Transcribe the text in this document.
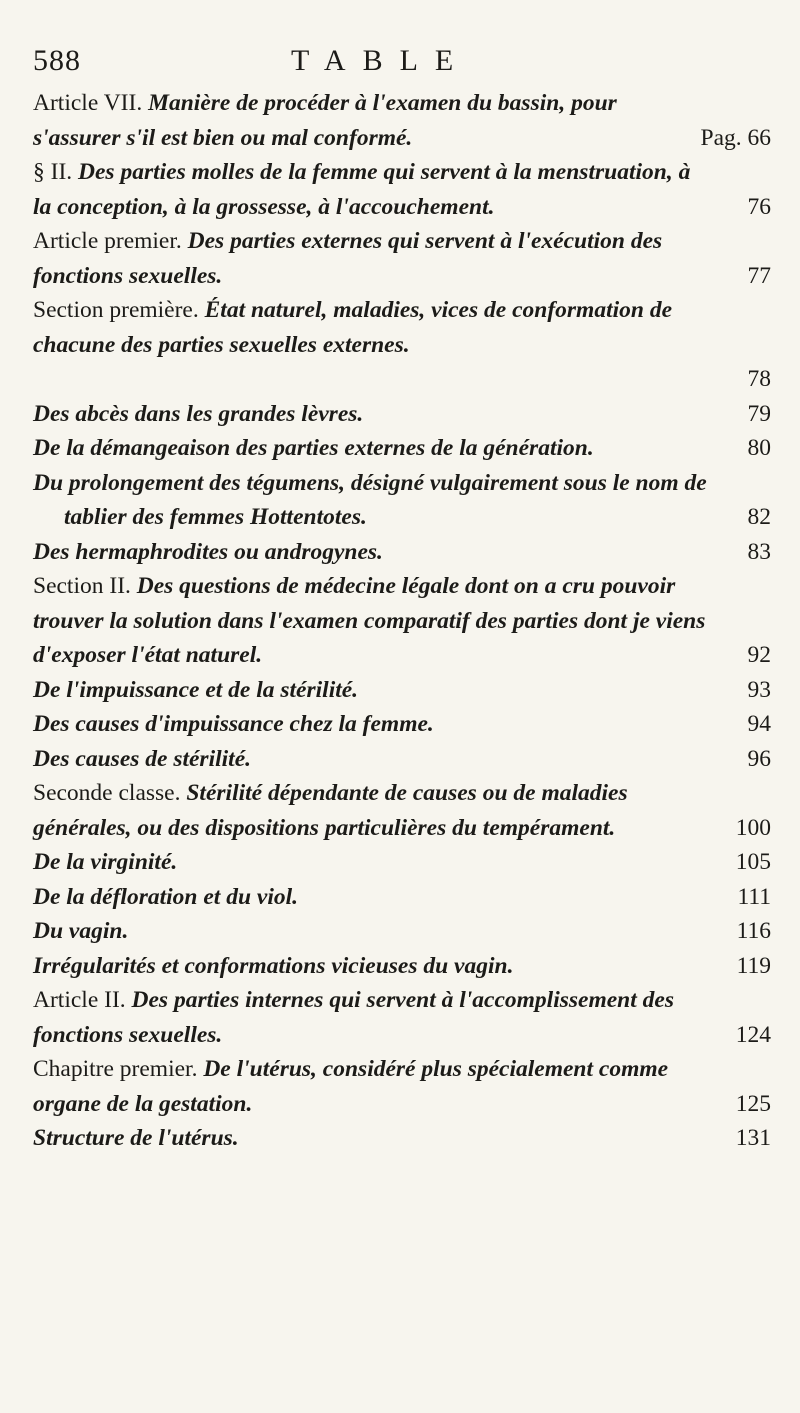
588	TABLE
Article VII. Manière de procéder à l'examen du bassin, pour s'assurer s'il est bien ou mal conformé.	Pag. 66
§ II. Des parties molles de la femme qui servent à la menstruation, à la conception, à la grossesse, à l'accouchement.	76
Article premier. Des parties externes qui servent à l'exécution des fonctions sexuelles.	77
Section première. État naturel, maladies, vices de conformation de chacune des parties sexuelles externes.
78
Des abcès dans les grandes lèvres.	79
De la démangeaison des parties externes de la génération.	80
Du prolongement des tégumens, désigné vulgairement sous le nom de tablier des femmes Hottentotes.	82
Des hermaphrodites ou androgynes.	83
Section II. Des questions de médecine légale dont on a cru pouvoir trouver la solution dans l'examen comparatif des parties dont je viens d'exposer l'état naturel.	92
De l'impuissance et de la stérilité.	93
Des causes d'impuissance chez la femme.	94
Des causes de stérilité.	96
Seconde classe. Stérilité dépendante de causes ou de maladies générales, ou des dispositions particulières du tempérament.	100
De la virginité.	105
De la défloration et du viol.	111
Du vagin.	116
Irrégularités et conformations vicieuses du vagin.	119
Article II. Des parties internes qui servent à l'accomplissement des fonctions sexuelles.	124
Chapitre premier. De l'utérus, considéré plus spécialement comme organe de la gestation.	125
Structure de l'utérus.	131
